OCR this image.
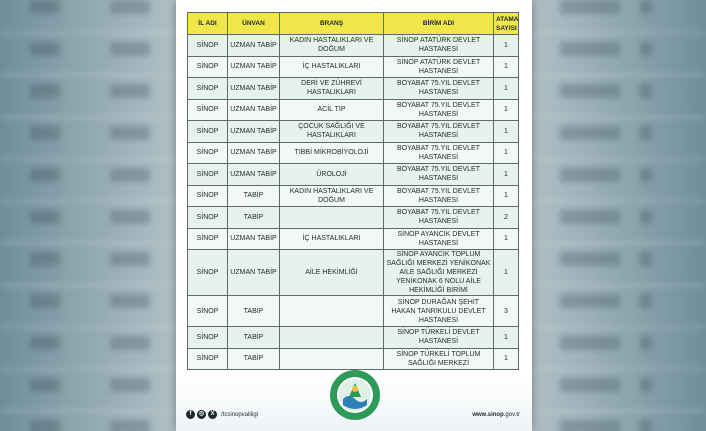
İL ADI	ÜNVAN	BRANŞ	BİRİM ADI	ATAMA SAYISI
SİNOP	UZMAN TABİP	KADIN HASTALIKLARI VE DOĞUM	SİNOP ATATÜRK DEVLET HASTANESİ	1
SİNOP	UZMAN TABİP	İÇ HASTALIKLARI	SİNOP ATATÜRK DEVLET HASTANESİ	1
SİNOP	UZMAN TABİP	DERİ VE ZÜHREVİ HASTALIKLARI	BOYABAT 75.YIL DEVLET HASTANESİ	1
SİNOP	UZMAN TABİP	ACİL TIP	BOYABAT 75.YIL DEVLET HASTANESİ	1
SİNOP	UZMAN TABİP	ÇOCUK SAĞLIĞI VE HASTALIKLARI	BOYABAT 75.YIL DEVLET HASTANESİ	1
SİNOP	UZMAN TABİP	TIBBİ MİKROBİYOLOJİ	BOYABAT 75.YIL DEVLET HASTANESİ	1
SİNOP	UZMAN TABİP	ÜROLOJİ	BOYABAT 75.YIL DEVLET HASTANESİ	1
SİNOP	TABİP	KADIN HASTALIKLARI VE DOĞUM	BOYABAT 75.YIL DEVLET HASTANESİ	1
SİNOP	TABİP		BOYABAT 75.YIL DEVLET HASTANESİ	2
SİNOP	UZMAN TABİP	İÇ HASTALIKLARI	SİNOP AYANCIK DEVLET HASTANESİ	1
SİNOP	UZMAN TABİP	AİLE HEKİMLİĞİ	SİNOP AYANCIK TOPLUM SAĞLIĞI MERKEZİ YENİKONAK AİLE SAĞLIĞI MERKEZİ YENİKONAK 6 NOLU AİLE HEKİMLİĞİ BİRİMİ	1
SİNOP	TABİP		SİNOP DURAĞAN ŞEHİT HAKAN TANRIKULU DEVLET HASTANESİ	3
SİNOP	TABİP		SİNOP TÜRKELİ DEVLET HASTANESİ	1
SİNOP	TABİP		SİNOP TÜRKELİ TOPLUM SAĞLIĞI MERKEZİ	1
f	◎	X	/tcsinopvaliligi	www.sinop.gov.tr
